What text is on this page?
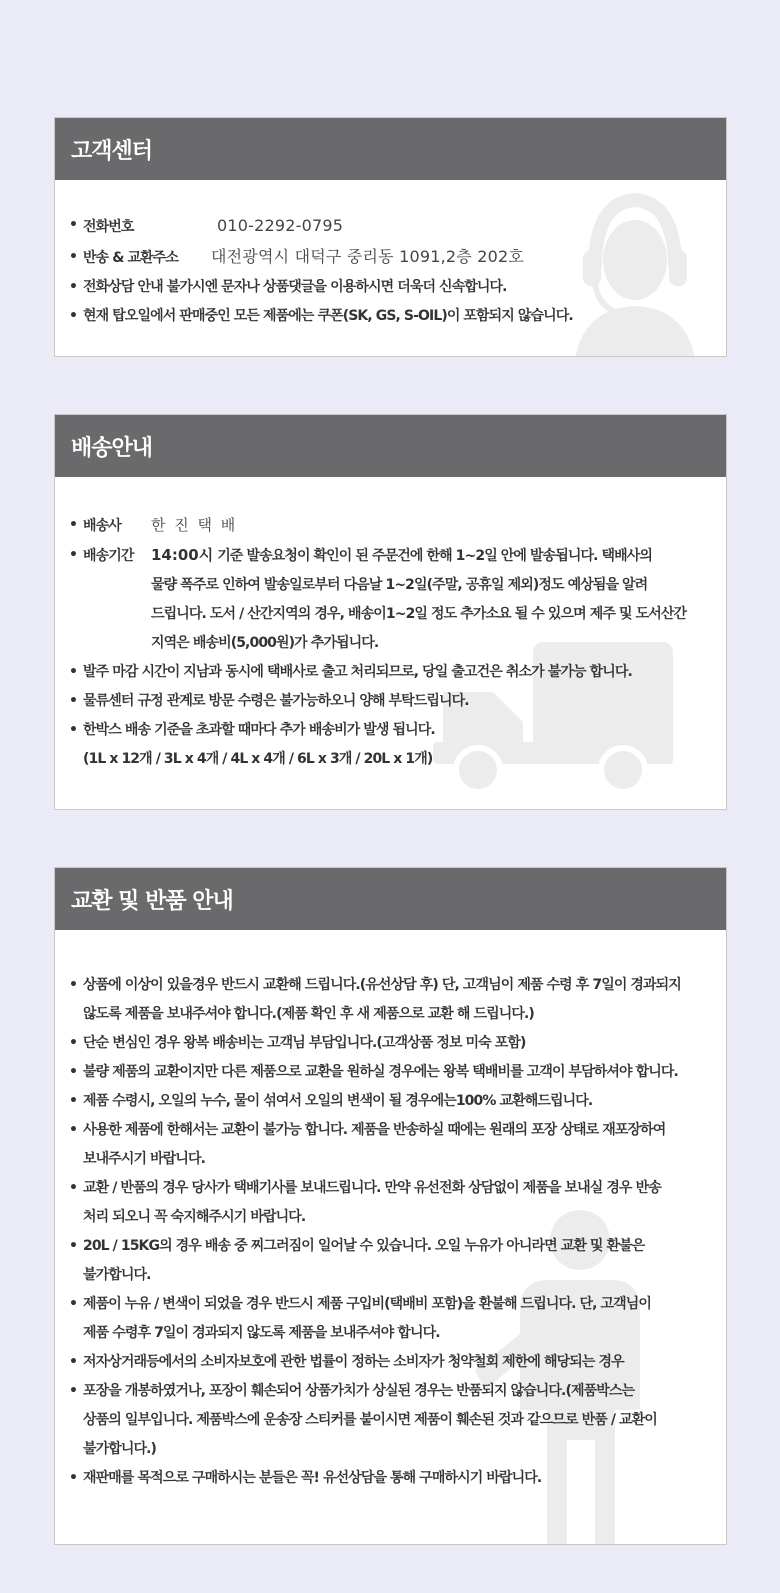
고객센터
• 전화번호	010-2292-0795
• 반송 & 교환주소 대전광역시 대덕구 중리동 1091,2층 202호
• 전화상담 안내 불가시엔 문자나 상품댓글을 이용하시면 더욱더 신속합니다.
• 현재 탑오일에서 판매중인 모든 제품에는 쿠폰(SK, GS, S-OIL)이 포함되지 않습니다.
배송안내
• 배송사 한 진 택 배
• 배송기간 14:00시 기준 발송요청이 확인이 된 주문건에 한해 1~2일 안에 발송됩니다. 택배사의
물량 폭주로 인하여 발송일로부터 다음날 1~2일(주말, 공휴일 제외)정도 예상됨을 알려
드립니다. 도서 / 산간지역의 경우, 배송이1~2일 정도 추가소요 될 수 있으며 제주 및 도서산간
지역은 배송비(5,000원)가 추가됩니다.
• 발주 마감 시간이 지남과 동시에 택배사로 출고 처리되므로, 당일 출고건은 취소가 불가능 합니다.
• 물류센터 규정 관계로 방문 수령은 불가능하오니 양해 부탁드립니다.
• 한박스 배송 기준을 초과할 때마다 추가 배송비가 발생 됩니다.
(1L x 12개 / 3L x 4개 / 4L x 4개 / 6L x 3개 / 20L x 1개)
교환 및 반품 안내
• 상품에 이상이 있을경우 반드시 교환해 드립니다.(유선상담 후) 단, 고객님이 제품 수령 후 7일이 경과되지
않도록 제품을 보내주셔야 합니다.(제품 확인 후 새 제품으로 교환 해 드립니다.)
• 단순 변심인 경우 왕복 배송비는 고객님 부담입니다.(고객상품 정보 미숙 포함)
• 불량 제품의 교환이지만 다른 제품으로 교환을 원하실 경우에는 왕복 택배비를 고객이 부담하셔야 합니다.
• 제품 수령시, 오일의 누수, 물이 섞여서 오일의 변색이 될 경우에는100% 교환해드립니다.
• 사용한 제품에 한해서는 교환이 불가능 합니다. 제품을 반송하실 때에는 원래의 포장 상태로 재포장하여
보내주시기 바랍니다.
• 교환 / 반품의 경우 당사가 택배기사를 보내드립니다. 만약 유선전화 상담없이 제품을 보내실 경우 반송
처리 되오니 꼭 숙지해주시기 바랍니다.
• 20L / 15KG의 경우 배송 중 찌그러짐이 일어날 수 있습니다. 오일 누유가 아니라면 교환 및 환불은
불가합니다.
• 제품이 누유 / 변색이 되었을 경우 반드시 제품 구입비(택배비 포함)을 환불해 드립니다. 단, 고객님이
제품 수령후 7일이 경과되지 않도록 제품을 보내주셔야 합니다.
• 저자상거래등에서의 소비자보호에 관한 법률이 정하는 소비자가 청약철회 제한에 해당되는 경우
• 포장을 개봉하였거나, 포장이 훼손되어 상품가치가 상실된 경우는 반품되지 않습니다.(제품박스는
상품의 일부입니다. 제품박스에 운송장 스티커를 붙이시면 제품이 훼손된 것과 같으므로 반품 / 교환이
불가합니다.)
• 재판매를 목적으로 구매하시는 분들은 꼭! 유선상담을 통해 구매하시기 바랍니다.
